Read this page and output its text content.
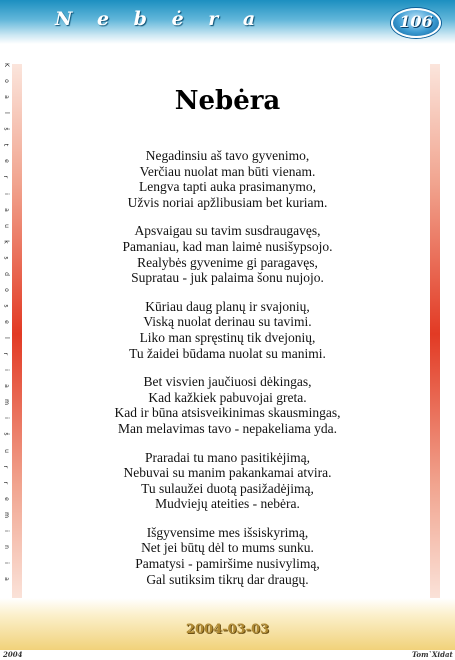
N e b ė r a	106
K
o
a
l
š
t
e
r
i
a
u
k
s
d
o
s
e
l
r
i
a
m
i
š
u
r
r
e
m
i
n
i
a
Nebėra
Negadinsiu aš tavo gyvenimo,
Verčiau nuolat man būti vienam.
Lengva tapti auka prasimanymo,
Užvis noriai apžlibusiam bet kuriam.
Apsvaigau su tavim susdraugavęs,
Pamaniau, kad man laimė nusišypsojo.
Realybės gyvenime gi paragavęs,
Supratau - juk palaima šonu nujojo.
Kūriau daug planų ir svajonių,
Viską nuolat derinau su tavimi.
Liko man spręstinų tik dvejonių,
Tu žaidei būdama nuolat su manimi.
Bet visvien jaučiuosi dėkingas,
Kad kažkiek pabuvojai greta.
Kad ir būna atsisveikinimas skausmingas,
Man melavimas tavo - nepakeliama yda.
Praradai tu mano pasitikėjimą,
Nebuvai su manim pakankamai atvira.
Tu sulaužei duotą pasižadėjimą,
Mudviejų ateities - nebėra.
Išgyvensime mes išsiskyrimą,
Net jei būtų dėl to mums sunku.
Pamatysi - pamiršime nusivylimą,
Gal sutiksim tikrų dar draugų.
2004-03-03
2004	Tom`Xidat
